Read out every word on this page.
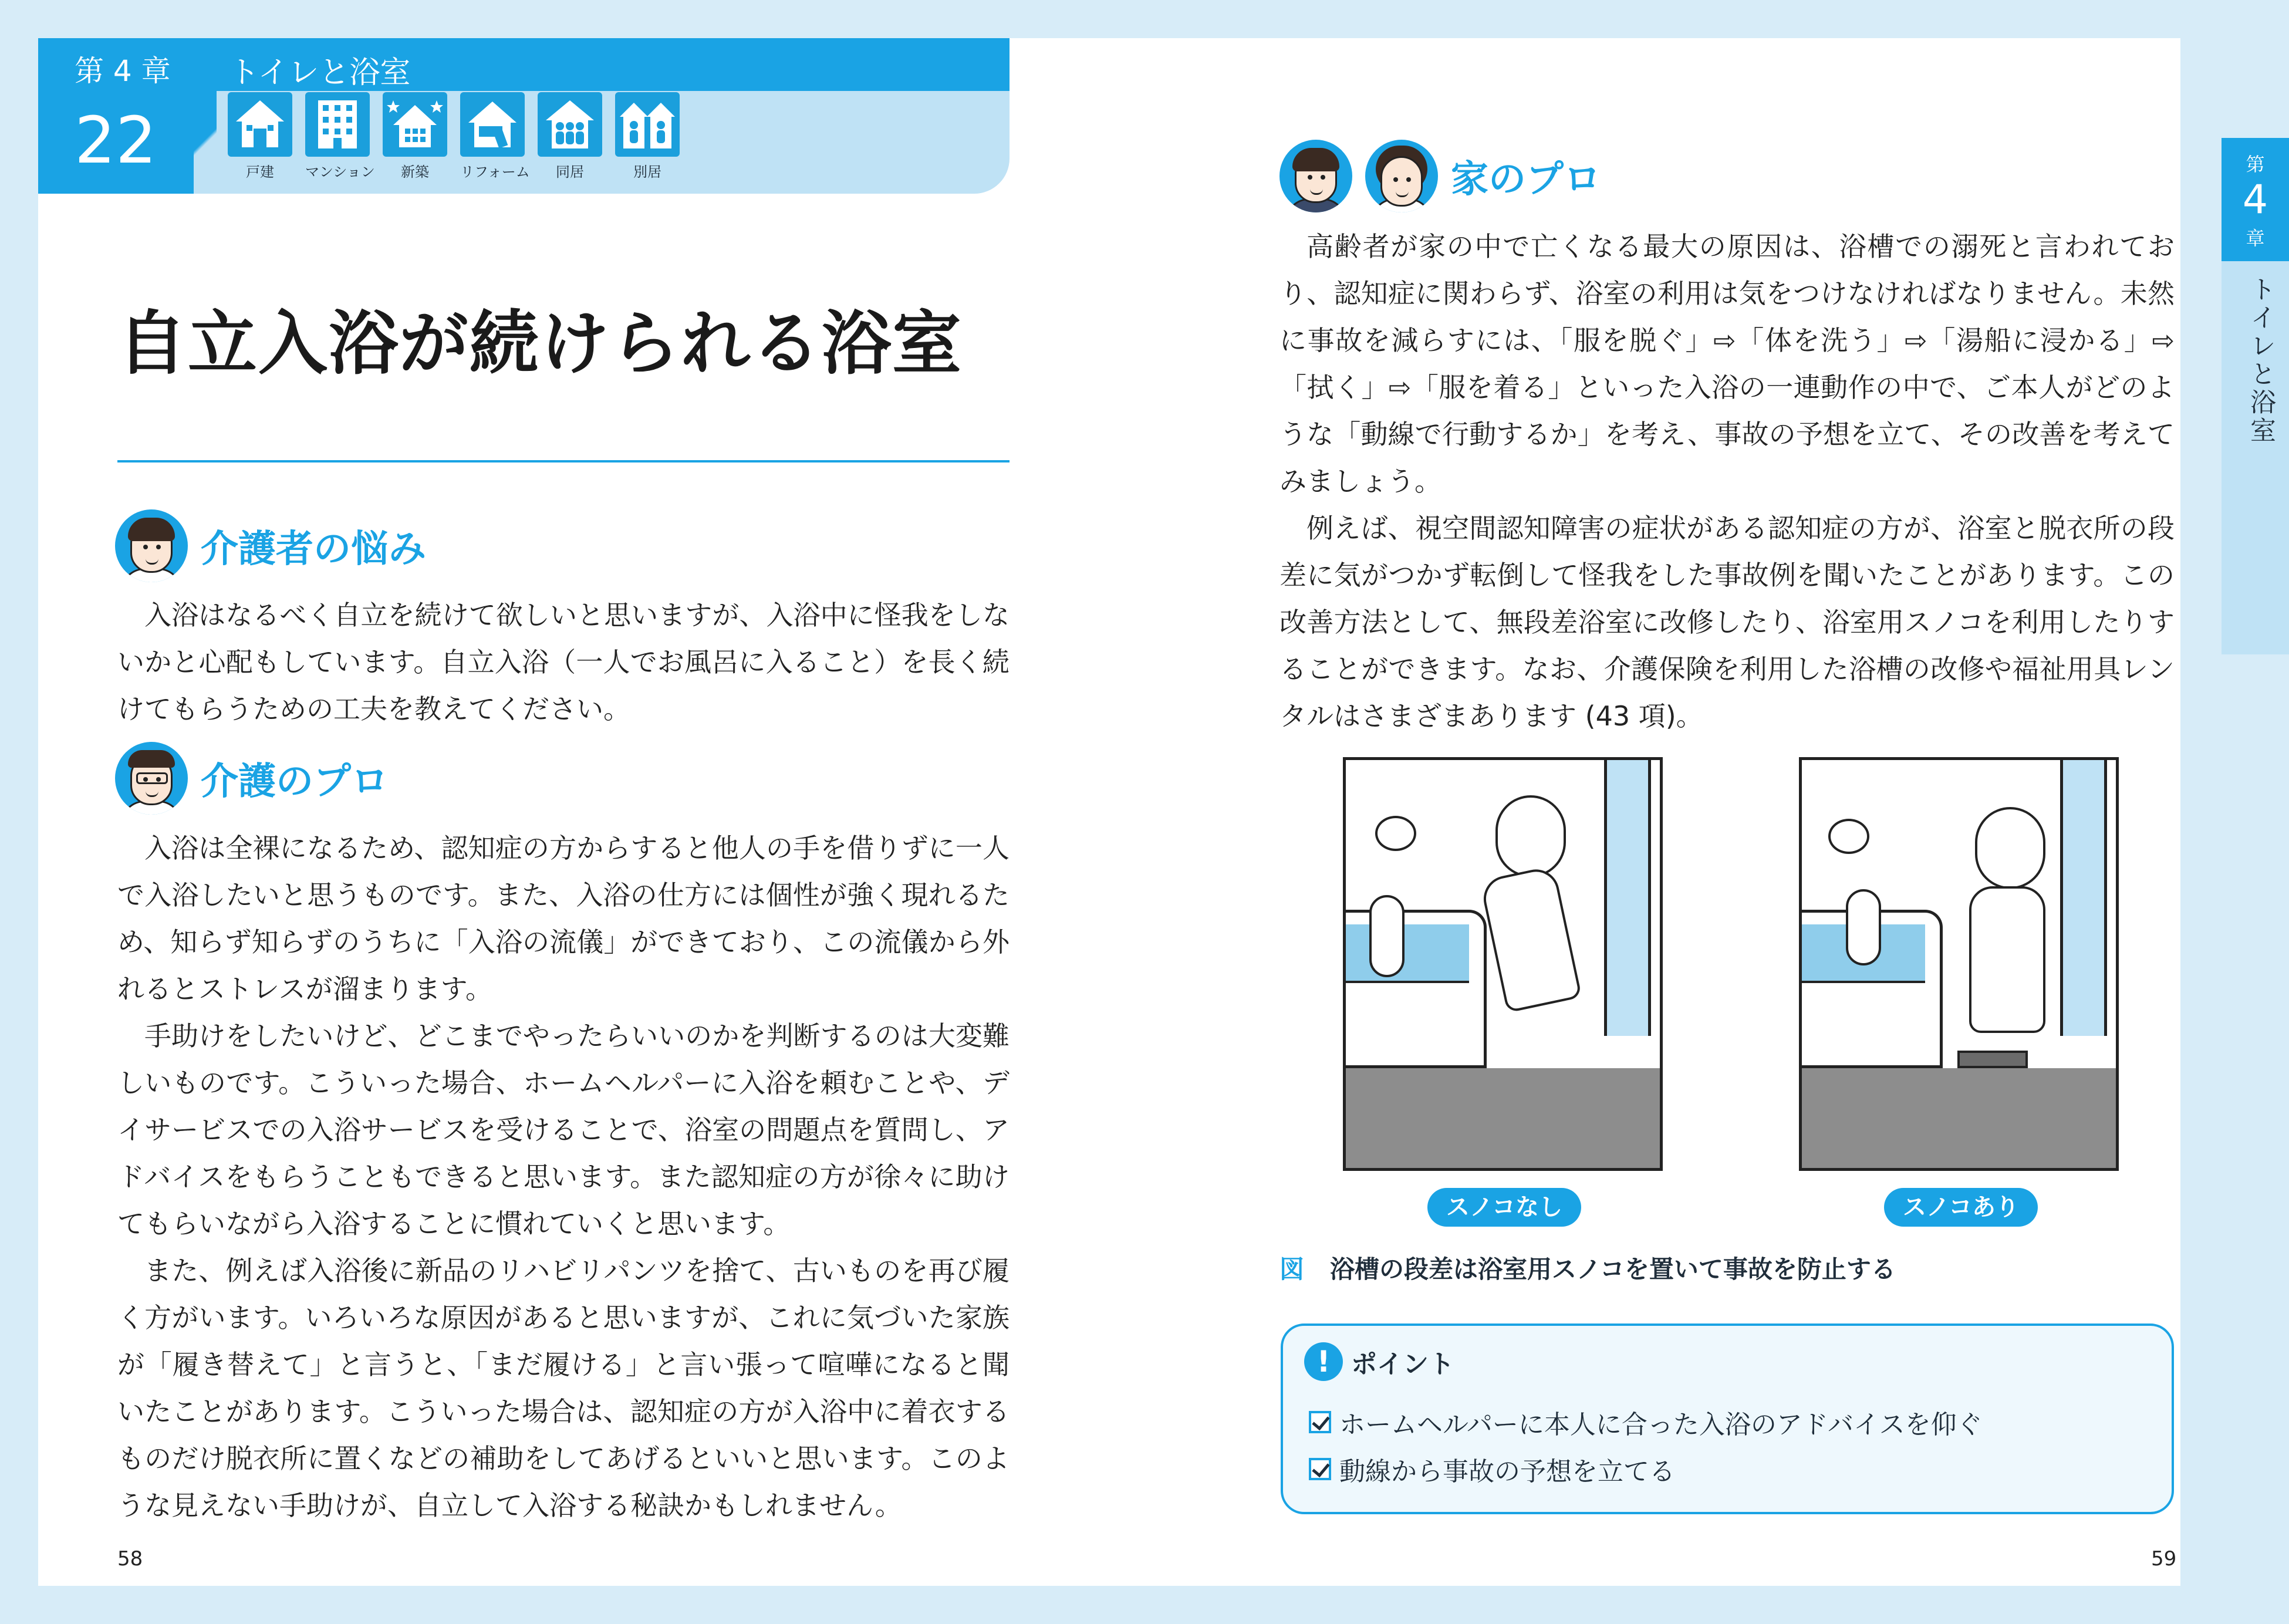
第 4 章 トイレと浴室
22	戸建	マンション	新築	リフォーム	同居	別居
自立入浴が続けられる浴室
介護者の悩み

入浴はなるべく自立を続けて欲しいと思いますが、入浴中に怪我をしないかと心配もしています。自立入浴（一人でお風呂に入ること）を長く続けてもらうための工夫を教えてください。

介護のプロ

入浴は全裸になるため、認知症の方からすると他人の手を借りずに一人で入浴したいと思うものです。また、入浴の仕方には個性が強く現れるため、知らず知らずのうちに「入浴の流儀」ができており、この流儀から外れるとストレスが溜まります。

手助けをしたいけど、どこまでやったらいいのかを判断するのは大変難しいものです。こういった場合、ホームヘルパーに入浴を頼むことや、デイサービスでの入浴サービスを受けることで、浴室の問題点を質問し、アドバイスをもらうこともできると思います。また認知症の方が徐々に助けてもらいながら入浴することに慣れていくと思います。

また、例えば入浴後に新品のリハビリパンツを捨て、古いものを再び履く方がいます。いろいろな原因があると思いますが、これに気づいた家族が「履き替えて」と言うと、「まだ履ける」と言い張って喧嘩になると聞いたことがあります。こういった場合は、認知症の方が入浴中に着衣するものだけ脱衣所に置くなどの補助をしてあげるといいと思います。このような見えない手助けが、自立して入浴する秘訣かもしれません。

58
家のプロ

高齢者が家の中で亡くなる最大の原因は、浴槽での溺死と言われており、認知症に関わらず、浴室の利用は気をつけなければなりません。未然に事故を減らすには、「服を脱ぐ」⇨「体を洗う」⇨「湯船に浸かる」⇨「拭く」⇨「服を着る」といった入浴の一連動作の中で、ご本人がどのような「動線で行動するか」を考え、事故の予想を立て、その改善を考えてみましょう。

例えば、視空間認知障害の症状がある認知症の方が、浴室と脱衣所の段差に気がつかず転倒して怪我をした事故例を聞いたことがあります。この改善方法として、無段差浴室に改修したり、浴室用スノコを利用したりすることができます。なお、介護保険を利用した浴槽の改修や福祉用具レンタルはさまざまあります (43 項)。

スノコなし	スノコあり
図 浴槽の段差は浴室用スノコを置いて事故を防止する
! ポイント
ホームヘルパーに本人に合った入浴のアドバイスを仰ぐ
動線から事故の予想を立てる
59
第
4
章
トイレと浴室
